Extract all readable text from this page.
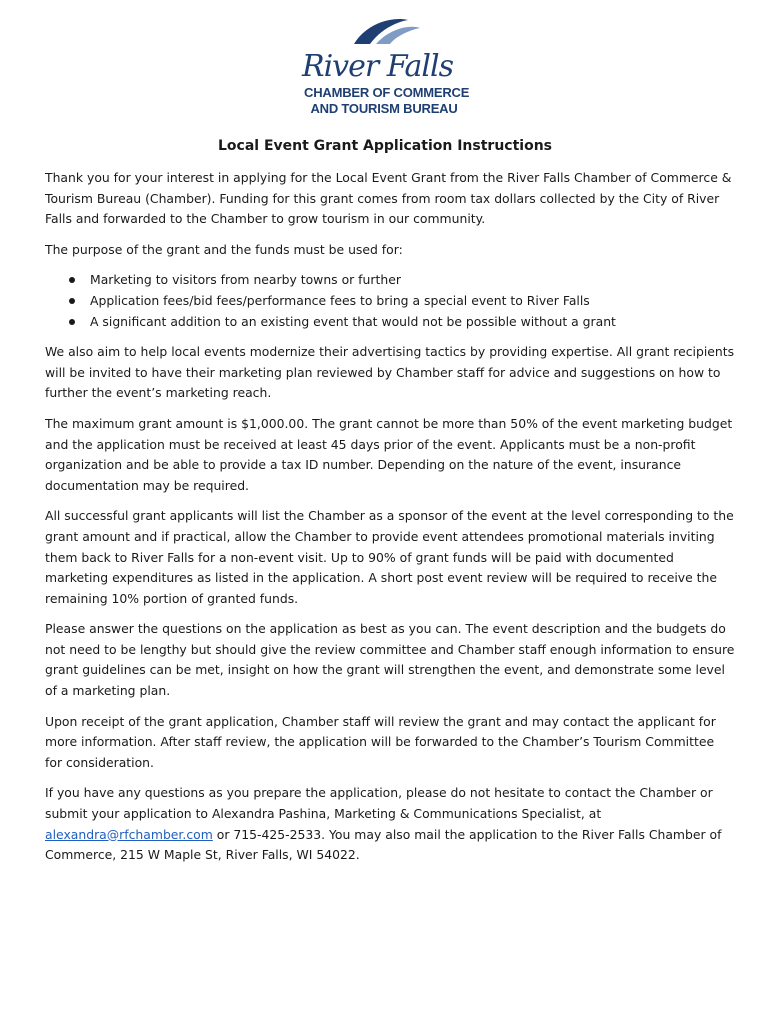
River Falls
CHAMBER OF COMMERCE
AND TOURISM BUREAU
Local Event Grant Application Instructions

Thank you for your interest in applying for the Local Event Grant from the River Falls Chamber of Commerce & Tourism Bureau (Chamber). Funding for this grant comes from room tax dollars collected by the City of River Falls and forwarded to the Chamber to grow tourism in our community.

The purpose of the grant and the funds must be used for:

Marketing to visitors from nearby towns or further
Application fees/bid fees/performance fees to bring a special event to River Falls
A significant addition to an existing event that would not be possible without a grant

We also aim to help local events modernize their advertising tactics by providing expertise. All grant recipients will be invited to have their marketing plan reviewed by Chamber staff for advice and suggestions on how to further the event’s marketing reach.

The maximum grant amount is $1,000.00. The grant cannot be more than 50% of the event marketing budget and the application must be received at least 45 days prior of the event. Applicants must be a non-profit organization and be able to provide a tax ID number. Depending on the nature of the event, insurance documentation may be required.

All successful grant applicants will list the Chamber as a sponsor of the event at the level corresponding to the grant amount and if practical, allow the Chamber to provide event attendees promotional materials inviting them back to River Falls for a non-event visit. Up to 90% of grant funds will be paid with documented marketing expenditures as listed in the application. A short post event review will be required to receive the remaining 10% portion of granted funds.

Please answer the questions on the application as best as you can. The event description and the budgets do not need to be lengthy but should give the review committee and Chamber staff enough information to ensure grant guidelines can be met, insight on how the grant will strengthen the event, and demonstrate some level of a marketing plan.

Upon receipt of the grant application, Chamber staff will review the grant and may contact the applicant for more information. After staff review, the application will be forwarded to the Chamber’s Tourism Committee for consideration.

If you have any questions as you prepare the application, please do not hesitate to contact the Chamber or submit your application to Alexandra Pashina, Marketing & Communications Specialist, at alexandra@rfchamber.com or 715-425-2533. You may also mail the application to the River Falls Chamber of Commerce, 215 W Maple St, River Falls, WI 54022.
